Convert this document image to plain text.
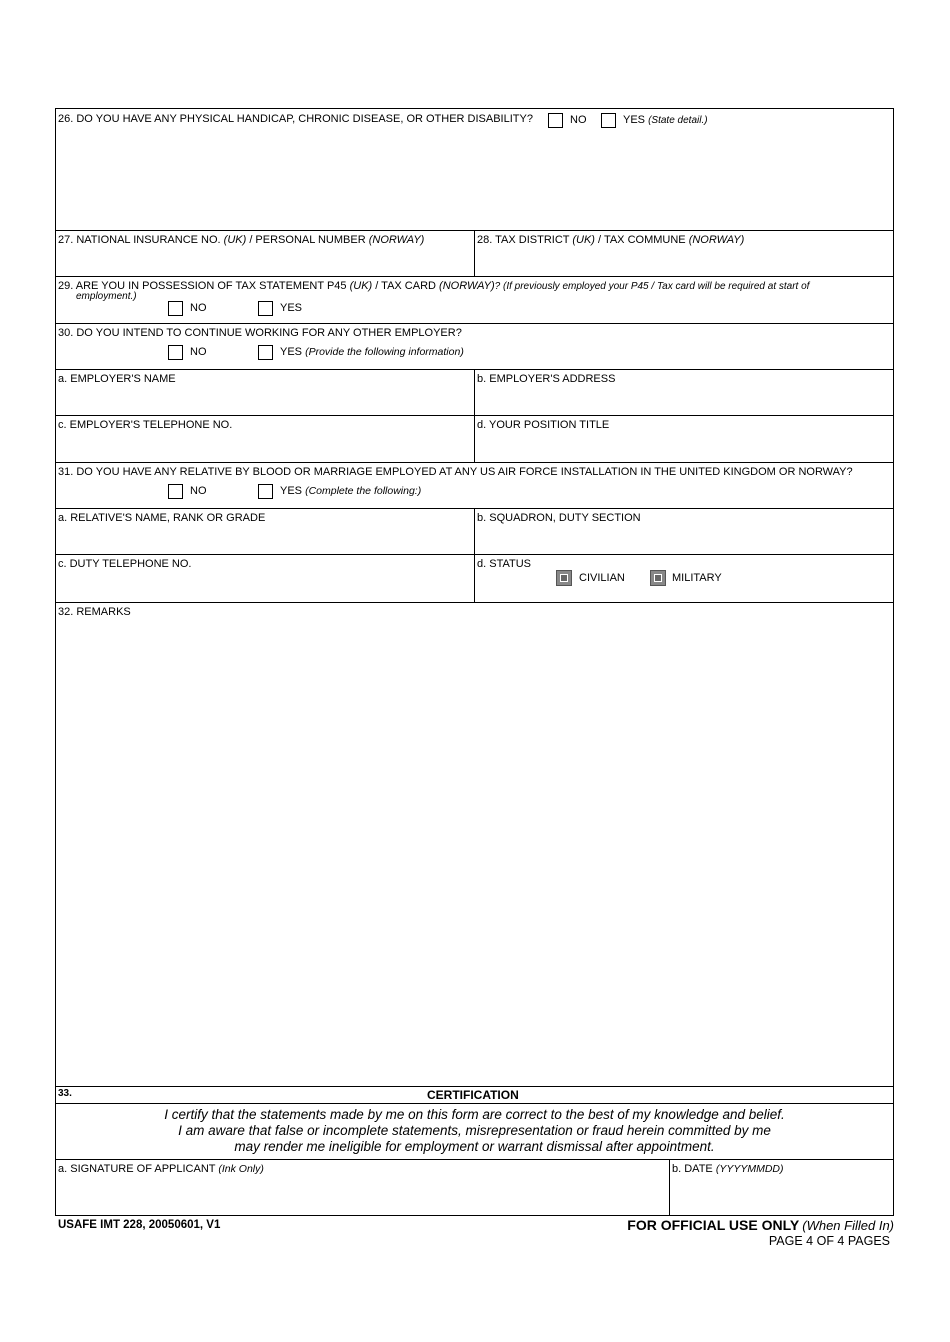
26. DO YOU HAVE ANY PHYSICAL HANDICAP, CHRONIC DISEASE, OR OTHER DISABILITY?	NO	YES (State detail.)
27. NATIONAL INSURANCE NO. (UK) / PERSONAL NUMBER (NORWAY)	28. TAX DISTRICT (UK) / TAX COMMUNE (NORWAY)
29. ARE YOU IN POSSESSION OF TAX STATEMENT P45 (UK) / TAX CARD (NORWAY)? (If previously employed your P45 / Tax card will be required at start of
employment.)
NO	YES
30. DO YOU INTEND TO CONTINUE WORKING FOR ANY OTHER EMPLOYER?
NO	YES (Provide the following information)
a. EMPLOYER'S NAME	b. EMPLOYER'S ADDRESS
c. EMPLOYER'S TELEPHONE NO.	d. YOUR POSITION TITLE
31. DO YOU HAVE ANY RELATIVE BY BLOOD OR MARRIAGE EMPLOYED AT ANY US AIR FORCE INSTALLATION IN THE UNITED KINGDOM OR NORWAY?
NO	YES (Complete the following:)
a. RELATIVE'S NAME, RANK OR GRADE	b. SQUADRON, DUTY SECTION
c. DUTY TELEPHONE NO.	d. STATUS
CIVILIAN	MILITARY
32. REMARKS
33.	CERTIFICATION
I certify that the statements made by me on this form are correct to the best of my knowledge and belief.
I am aware that false or incomplete statements, misrepresentation or fraud herein committed by me
may render me ineligible for employment or warrant dismissal after appointment.
a. SIGNATURE OF APPLICANT (Ink Only)	b. DATE (YYYYMMDD)
USAFE IMT 228, 20050601, V1	FOR OFFICIAL USE ONLY (When Filled In)
PAGE 4 OF 4 PAGES
